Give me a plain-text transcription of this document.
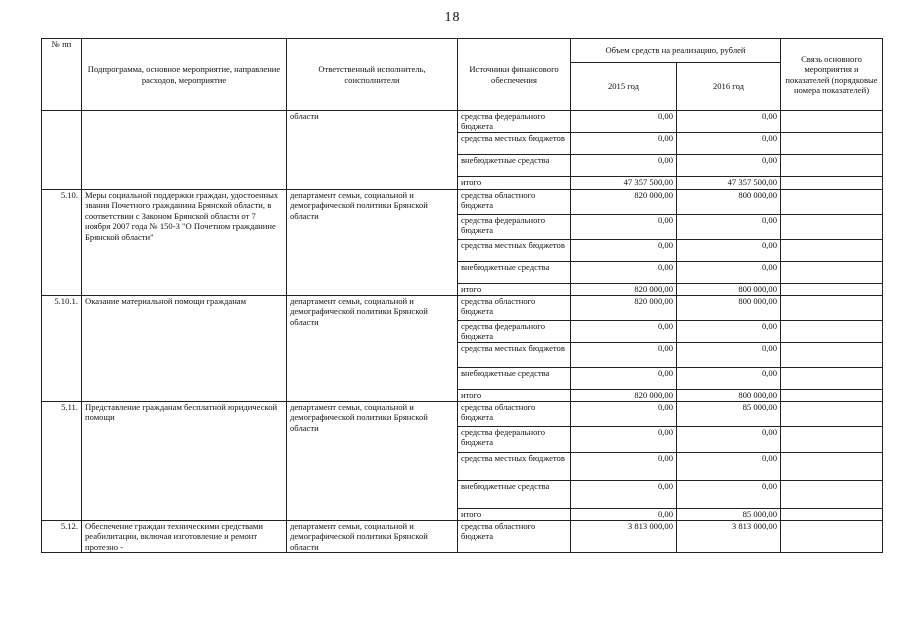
18
№ пп	Подпрограмма, основное мероприятие, направление расходов, мероприятие	Ответственный исполнитель, соисполнители	Источники финансового обеспечения	Объем средств на реализацию, рублей		Связь основного мероприятия и показателей (порядковые номера показателей)
				2015 год	2016 год	
		области	средства федерального бюджета	0,00	0,00	
			средства местных бюджетов	0,00	0,00	
			внебюджетные средства	0,00	0,00	
			итого	47 357 500,00	47 357 500,00	
5.10.	Меры социальной поддержки граждан, удостоенных звания Почетного гражданина Брянской области, в соответствии с Законом Брянской области от 7 ноября 2007 года № 150-З "О Почетном гражданине Брянской области"	департамент семьи, социальной и демографической политики Брянской области	средства областного бюджета	820 000,00	800 000,00	
			средства федерального бюджета	0,00	0,00	
			средства местных бюджетов	0,00	0,00	
			внебюджетные средства	0,00	0,00	
			итого	820 000,00	800 000,00	
5.10.1.	Оказание материальной помощи гражданам	департамент семьи, социальной и демографической политики Брянской области	средства областного бюджета	820 000,00	800 000,00	
			средства федерального бюджета	0,00	0,00	
			средства местных бюджетов	0,00	0,00	
			внебюджетные средства	0,00	0,00	
			итого	820 000,00	800 000,00	
5.11.	Представление гражданам бесплатной юридической помощи	департамент семьи, социальной и демографической политики Брянской области	средства областного бюджета	0,00	85 000,00	
			средства федерального бюджета	0,00	0,00	
			средства местных бюджетов	0,00	0,00	
			внебюджетные средства	0,00	0,00	
			итого	0,00	85 000,00	
5.12.	Обеспечение граждан техническими средствами реабилитации, включая изготовление и ремонт протезно -	департамент семьи, социальной и демографической политики Брянской области	средства областного бюджета	3 813 000,00	3 813 000,00	
